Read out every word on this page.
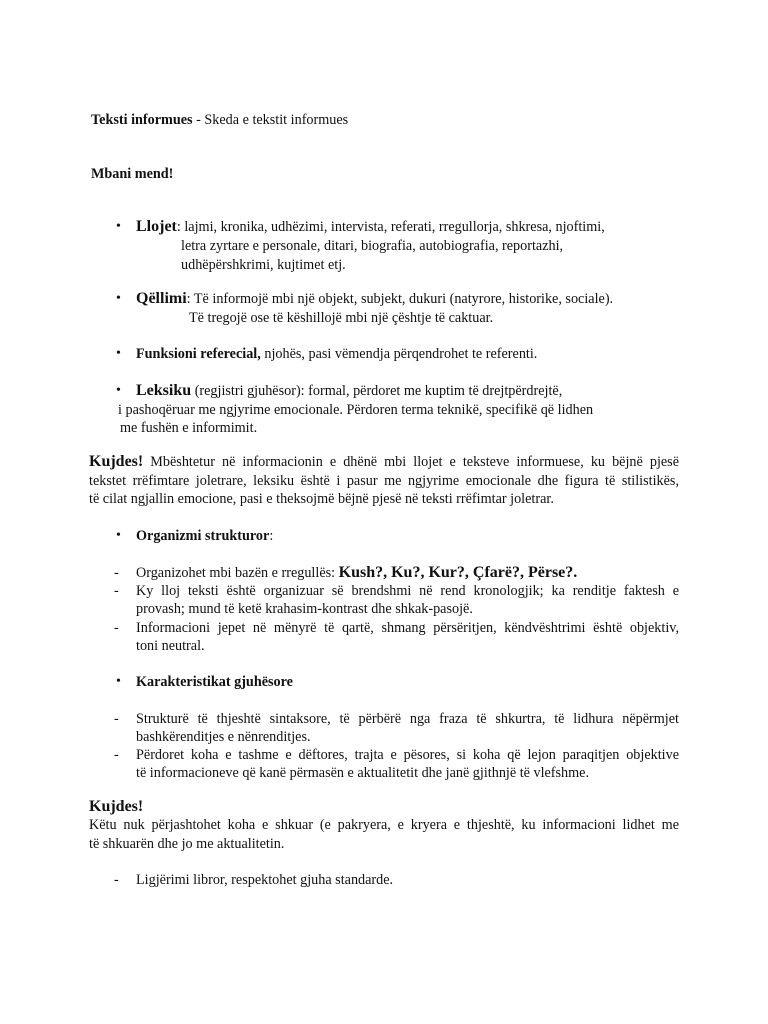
Teksti informues - Skeda e tekstit informues
Mbani mend!
• Llojet: lajmi, kronika, udhëzimi, intervista, referati, rregullorja, shkresa, njoftimi,
letra zyrtare e personale, ditari, biografia, autobiografia, reportazhi,
udhëpërshkrimi, kujtimet etj.
• Qëllimi: Të informojë mbi një objekt, subjekt, dukuri (natyrore, historike, sociale).
Të tregojë ose të këshillojë mbi një çështje të caktuar.
• Funksioni referecial, njohës, pasi vëmendja përqendrohet te referenti.
• Leksiku (regjistri gjuhësor): formal, përdoret me kuptim të drejtpërdrejtë,
i pashoqëruar me ngjyrime emocionale. Përdoren terma teknikë, specifikë që lidhen
me fushën e informimit.
Kujdes! Mbështetur në informacionin e dhënë mbi llojet e teksteve informuese, ku bëjnë pjesë
tekstet rrëfimtare joletrare, leksiku është i pasur me ngjyrime emocionale dhe figura të stilistikës,
të cilat ngjallin emocione, pasi e theksojmë bëjnë pjesë në teksti rrëfimtar joletrar.
• Organizmi strukturor:
- Organizohet mbi bazën e rregullës: Kush?, Ku?, Kur?, Çfarë?, Përse?.
- Ky lloj teksti është organizuar së brendshmi në rend kronologjik; ka renditje faktesh e
provash; mund të ketë krahasim-kontrast dhe shkak-pasojë.
- Informacioni jepet në mënyrë të qartë, shmang përsëritjen, këndvështrimi është objektiv,
toni neutral.
• Karakteristikat gjuhësore
- Strukturë të thjeshtë sintaksore, të përbërë nga fraza të shkurtra, të lidhura nëpërmjet
bashkërenditjes e nënrenditjes.
- Përdoret koha e tashme e dëftores, trajta e pësores, si koha që lejon paraqitjen objektive
të informacioneve që kanë përmasën e aktualitetit dhe janë gjithnjë të vlefshme.
Kujdes!
Këtu nuk përjashtohet koha e shkuar (e pakryera, e kryera e thjeshtë, ku informacioni lidhet me
të shkuarën dhe jo me aktualitetin.
- Ligjërimi libror, respektohet gjuha standarde.
